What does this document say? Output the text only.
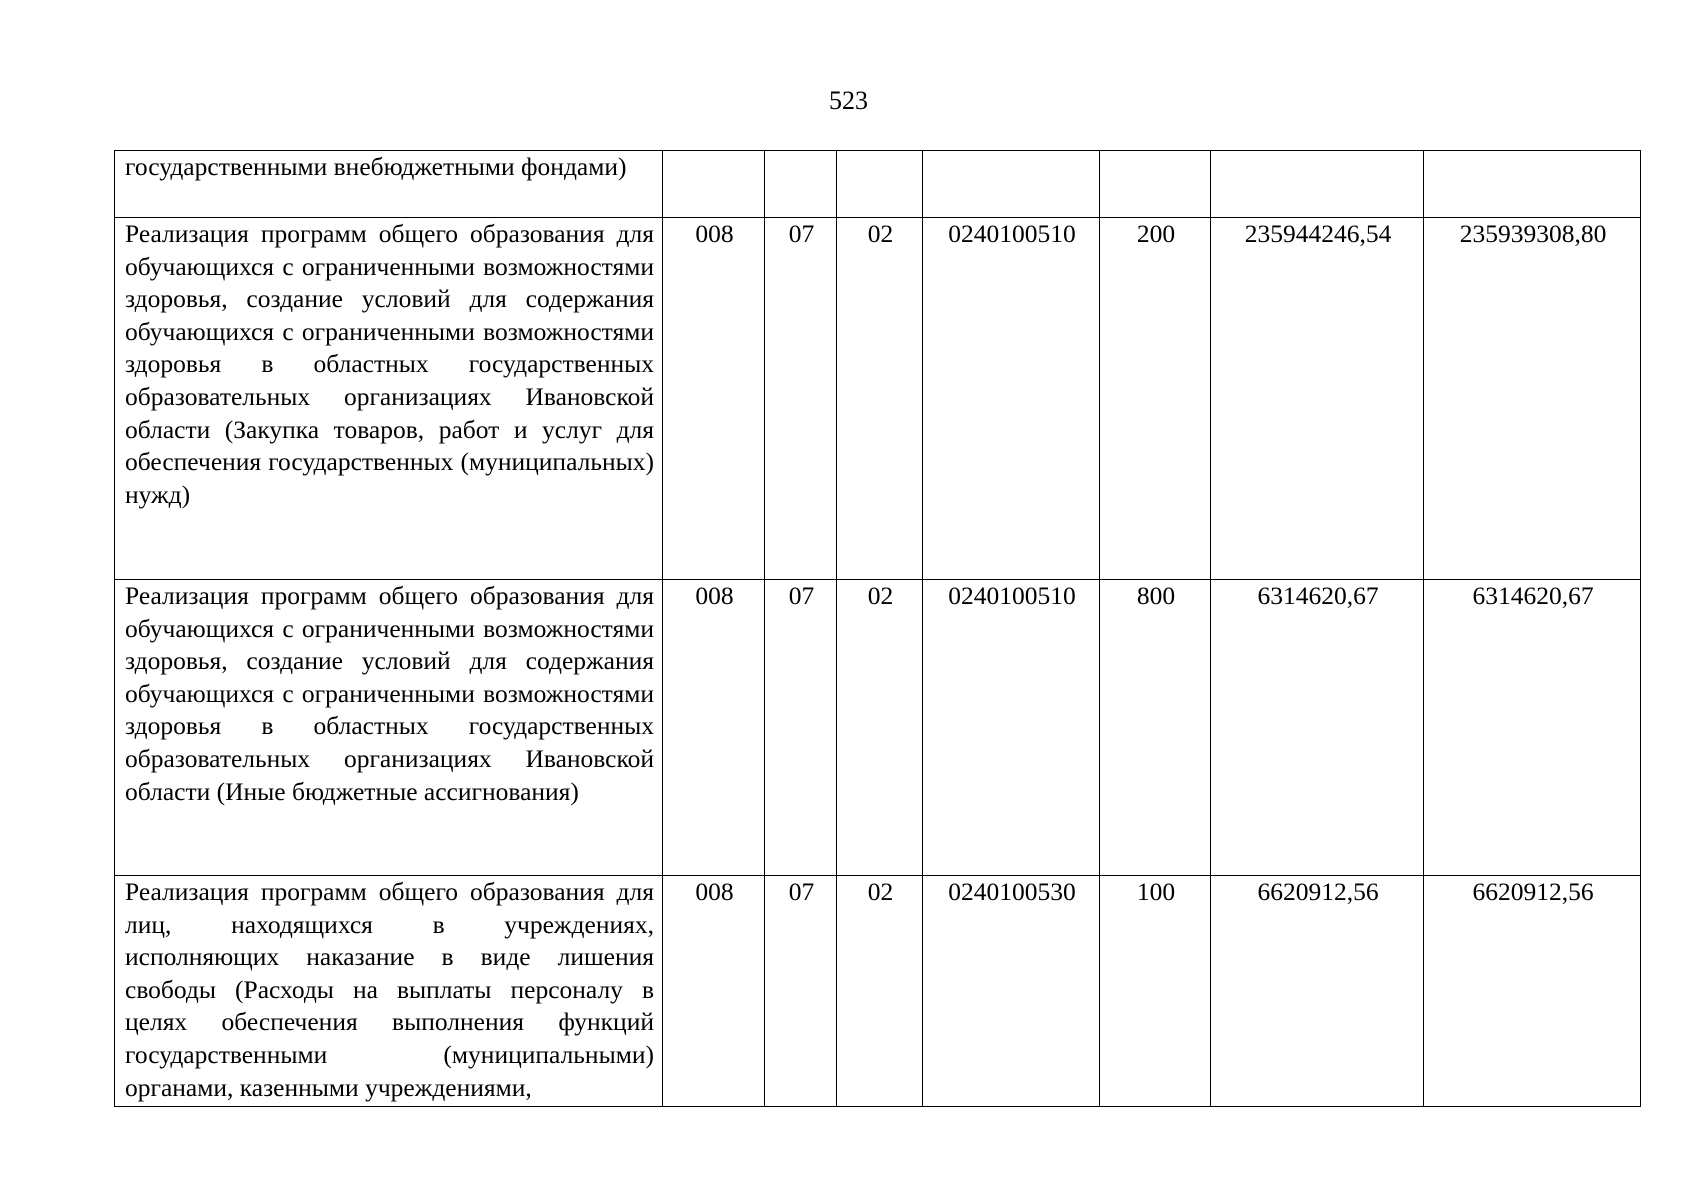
523
государственными внебюджетными фондами)							
Реализация программ общего образования для обучающихся с ограниченными возможностями здоровья, создание условий для содержания обучающихся с ограниченными возможностями здоровья в областных государственных образовательных организациях Ивановской области (Закупка товаров, работ и услуг для обеспечения государственных (муниципальных) нужд)	008	07	02	0240100510	200	235944246,54	235939308,80
Реализация программ общего образования для обучающихся с ограниченными возможностями здоровья, создание условий для содержания обучающихся с ограниченными возможностями здоровья в областных государственных образовательных организациях Ивановской области (Иные бюджетные ассигнования)	008	07	02	0240100510	800	6314620,67	6314620,67
Реализация программ общего образования для лиц, находящихся в учреждениях, исполняющих наказание в виде лишения свободы (Расходы на выплаты персоналу в целях обеспечения выполнения функций государственными (муниципальными) органами, казенными учреждениями,	008	07	02	0240100530	100	6620912,56	6620912,56
